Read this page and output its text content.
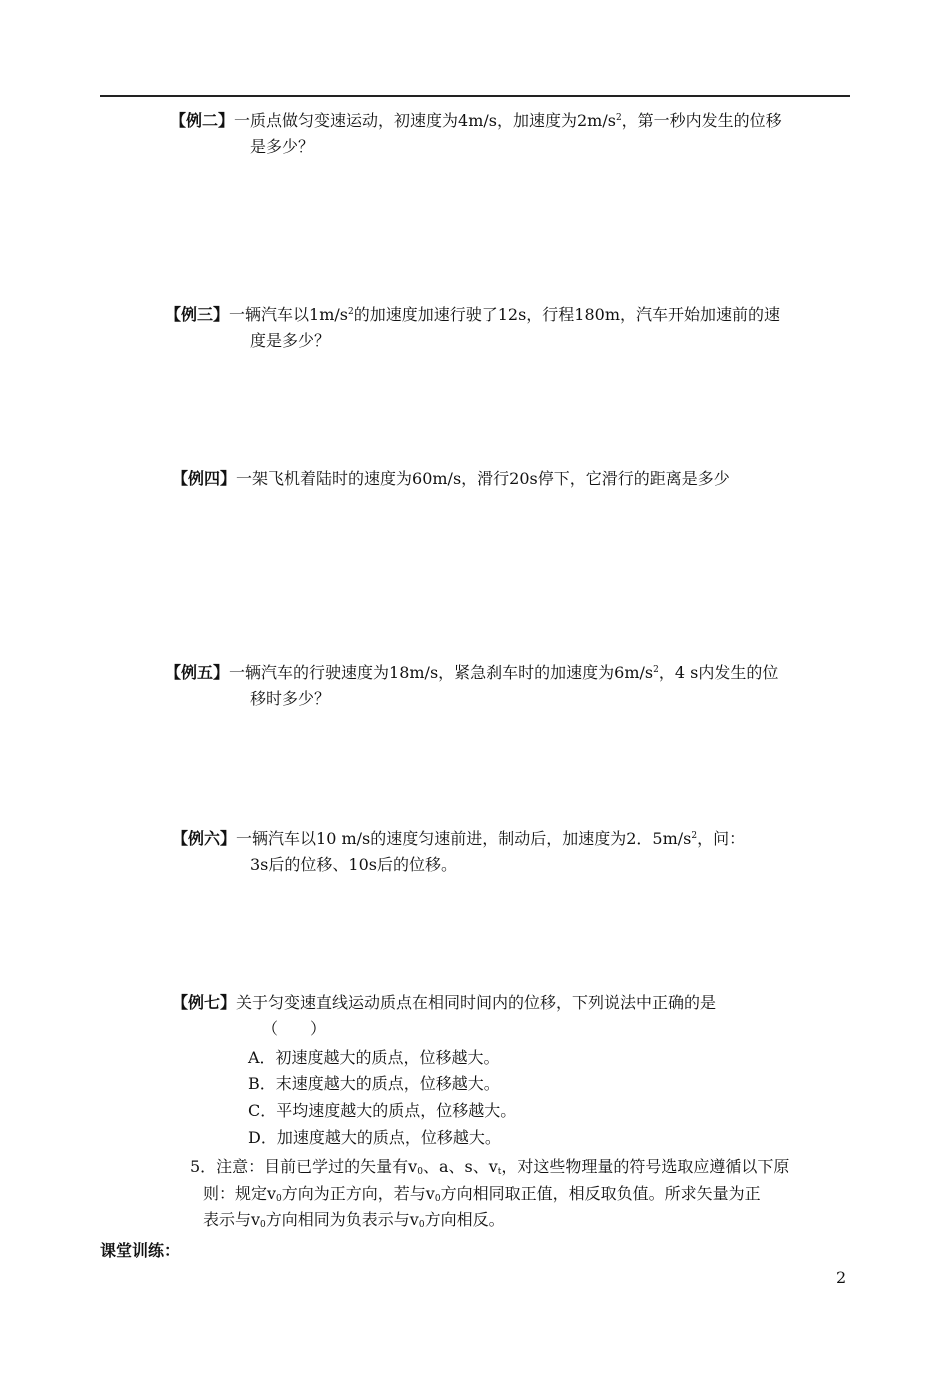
【例二】一质点做匀变速运动，初速度为4m/s，加速度为$2m/s^2$，第一秒内发生的位移
是多少？
【例三】一辆汽车以$1m/s^2$的加速度加速行驶了12s，行程180m，汽车开始加速前的速
度是多少？
【例四】一架飞机着陆时的速度为60m/s，滑行20s停下，它滑行的距离是多少
【例五】一辆汽车的行驶速度为18m/s，紧急刹车时的加速度为$6m/s^2$，4 s内发生的位
移时多少？
【例六】一辆汽车以10 m/s的速度匀速前进，制动后，加速度为2．$5m/s^2$，问：
3s后的位移、10s后的位移。
【例七】关于匀变速直线运动质点在相同时间内的位移，下列说法中正确的是
（　　）
A．初速度越大的质点，位移越大。
B．末速度越大的质点，位移越大。
C．平均速度越大的质点，位移越大。
D．加速度越大的质点，位移越大。
5．注意：目前已学过的矢量有$v_0$、a、s、$v_t$，对这些物理量的符号选取应遵循以下原
则：规定$v_0$方向为正方向，若与$v_0$方向相同取正值，相反取负值。所求矢量为正
表示与$v_0$方向相同为负表示与$v_0$方向相反。
课堂训练：
2
